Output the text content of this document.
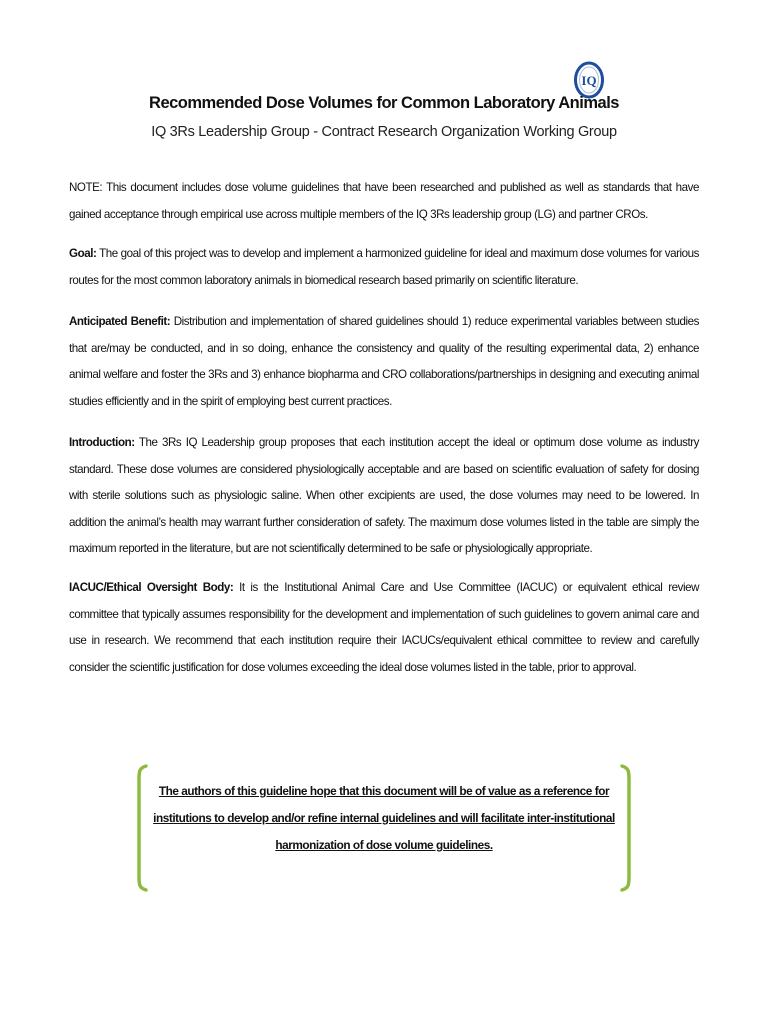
IQ
Recommended Dose Volumes for Common Laboratory Animals
IQ 3Rs Leadership Group - Contract Research Organization Working Group
NOTE: This document includes dose volume guidelines that have been researched and published as well as standards that have gained acceptance through empirical use across multiple members of the IQ 3Rs leadership group (LG) and partner CROs.
Goal: The goal of this project was to develop and implement a harmonized guideline for ideal and maximum dose volumes for various routes for the most common laboratory animals in biomedical research based primarily on scientific literature.
Anticipated Benefit: Distribution and implementation of shared guidelines should 1) reduce experimental variables between studies that are/may be conducted, and in so doing, enhance the consistency and quality of the resulting experimental data, 2) enhance animal welfare and foster the 3Rs and 3) enhance biopharma and CRO collaborations/partnerships in designing and executing animal studies efficiently and in the spirit of employing best current practices.
Introduction: The 3Rs IQ Leadership group proposes that each institution accept the ideal or optimum dose volume as industry standard. These dose volumes are considered physiologically acceptable and are based on scientific evaluation of safety for dosing with sterile solutions such as physiologic saline. When other excipients are used, the dose volumes may need to be lowered. In addition the animal’s health may warrant further consideration of safety. The maximum dose volumes listed in the table are simply the maximum reported in the literature, but are not scientifically determined to be safe or physiologically appropriate.
IACUC/Ethical Oversight Body: It is the Institutional Animal Care and Use Committee (IACUC) or equivalent ethical review committee that typically assumes responsibility for the development and implementation of such guidelines to govern animal care and use in research. We recommend that each institution require their IACUCs/equivalent ethical committee to review and carefully consider the scientific justification for dose volumes exceeding the ideal dose volumes listed in the table, prior to approval.
The authors of this guideline hope that this document will be of value as a reference for institutions to develop and/or refine internal guidelines and will facilitate inter-institutional harmonization of dose volume guidelines.
